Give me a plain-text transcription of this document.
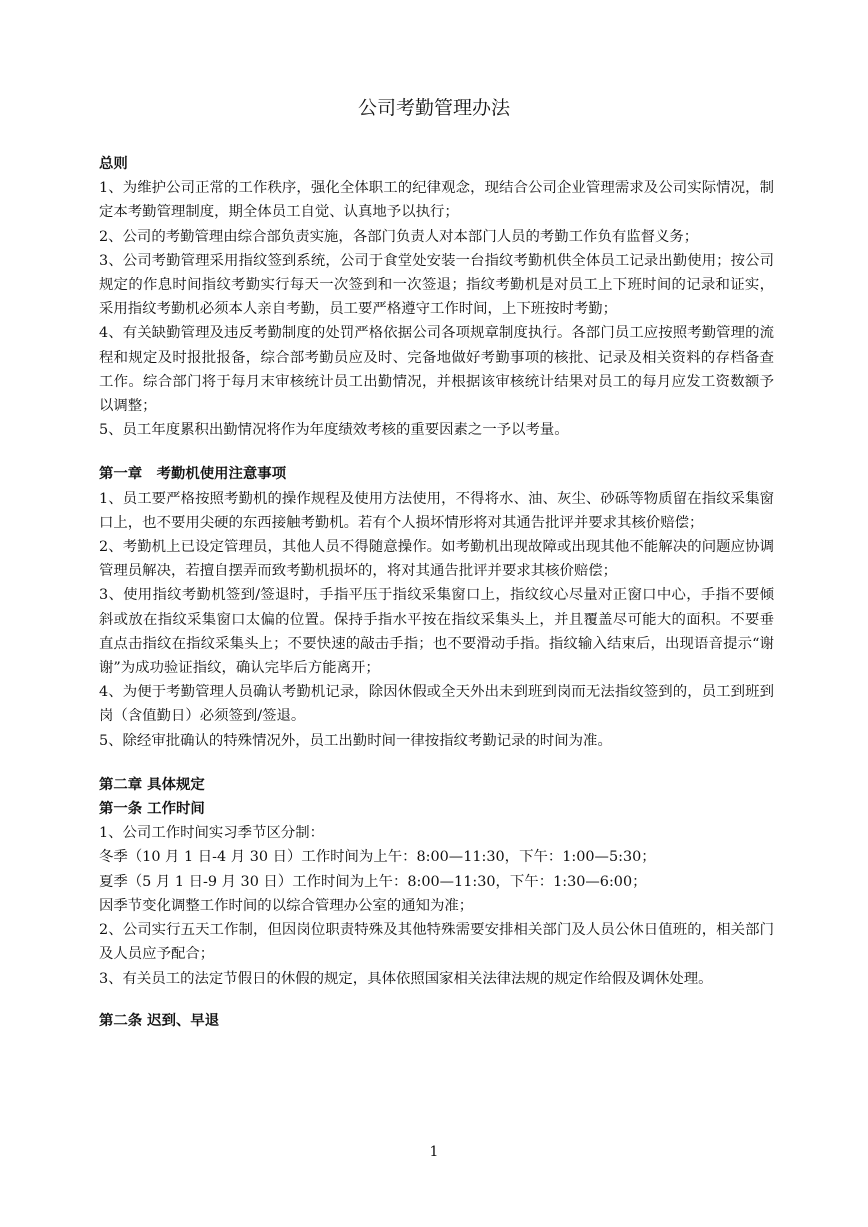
公司考勤管理办法
总则
1、为维护公司正常的工作秩序，强化全体职工的纪律观念，现结合公司企业管理需求及公司实际情况，制定本考勤管理制度，期全体员工自觉、认真地予以执行；
2、公司的考勤管理由综合部负责实施，各部门负责人对本部门人员的考勤工作负有监督义务；
3、公司考勤管理采用指纹签到系统，公司于食堂处安装一台指纹考勤机供全体员工记录出勤使用；按公司规定的作息时间指纹考勤实行每天一次签到和一次签退；指纹考勤机是对员工上下班时间的记录和证实，采用指纹考勤机必须本人亲自考勤，员工要严格遵守工作时间，上下班按时考勤；
4、有关缺勤管理及违反考勤制度的处罚严格依据公司各项规章制度执行。各部门员工应按照考勤管理的流程和规定及时报批报备，综合部考勤员应及时、完备地做好考勤事项的核批、记录及相关资料的存档备查工作。综合部门将于每月末审核统计员工出勤情况，并根据该审核统计结果对员工的每月应发工资数额予以调整；
5、员工年度累积出勤情况将作为年度绩效考核的重要因素之一予以考量。
第一章　考勤机使用注意事项
1、员工要严格按照考勤机的操作规程及使用方法使用，不得将水、油、灰尘、砂砾等物质留在指纹采集窗口上，也不要用尖硬的东西接触考勤机。若有个人损坏情形将对其通告批评并要求其核价赔偿；
2、考勤机上已设定管理员，其他人员不得随意操作。如考勤机出现故障或出现其他不能解决的问题应协调管理员解决，若擅自摆弄而致考勤机损坏的，将对其通告批评并要求其核价赔偿；
3、使用指纹考勤机签到/签退时，手指平压于指纹采集窗口上，指纹纹心尽量对正窗口中心，手指不要倾斜或放在指纹采集窗口太偏的位置。保持手指水平按在指纹采集头上，并且覆盖尽可能大的面积。不要垂直点击指纹在指纹采集头上；不要快速的敲击手指；也不要滑动手指。指纹输入结束后，出现语音提示“谢谢”为成功验证指纹，确认完毕后方能离开；
4、为便于考勤管理人员确认考勤机记录，除因休假或全天外出未到班到岗而无法指纹签到的，员工到班到岗（含值勤日）必须签到/签退。
5、除经审批确认的特殊情况外，员工出勤时间一律按指纹考勤记录的时间为准。
第二章 具体规定
第一条 工作时间
1、公司工作时间实习季节区分制：
冬季（10 月 1 日-4 月 30 日）工作时间为上午：8:00—11:30，下午：1:00—5:30；
夏季（5 月 1 日-9 月 30 日）工作时间为上午：8:00—11:30，下午：1:30—6:00；
因季节变化调整工作时间的以综合管理办公室的通知为准；
2、公司实行五天工作制，但因岗位职责特殊及其他特殊需要安排相关部门及人员公休日值班的，相关部门及人员应予配合；
3、有关员工的法定节假日的休假的规定，具体依照国家相关法律法规的规定作给假及调休处理。
第二条 迟到、早退
1
